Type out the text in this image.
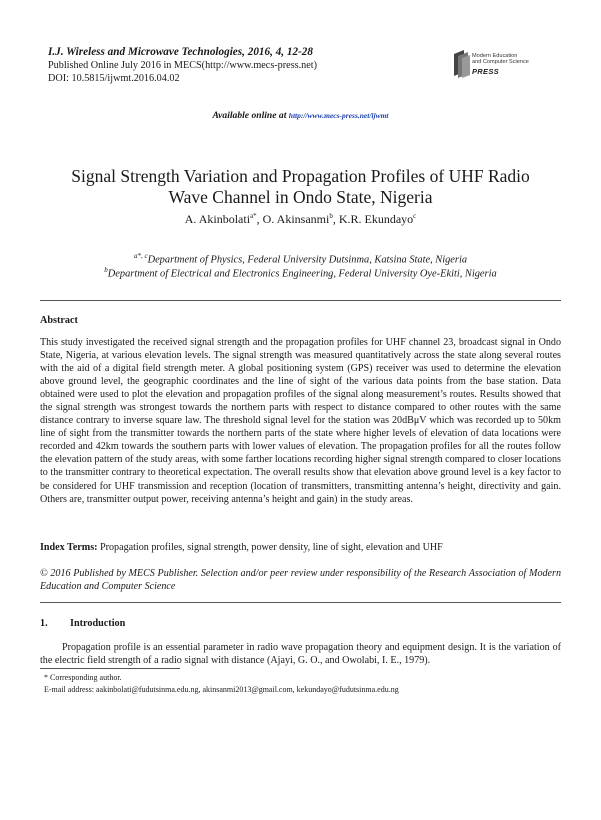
I.J. Wireless and Microwave Technologies, 2016, 4, 12-28
Published Online July 2016 in MECS(http://www.mecs-press.net)
DOI: 10.5815/ijwmt.2016.04.02
Modern Education
and Computer Science
PRESS
Available online at http://www.mecs-press.net/ijwmt
Signal Strength Variation and Propagation Profiles of UHF Radio
Wave Channel in Ondo State, Nigeria
A. Akinbolati$^{a*}$, O. Akinsanmi$^b$, K.R. Ekundayo$^c$
$^{a*, c}$Department of Physics, Federal University Dutsinma, Katsina State, Nigeria
$^b$Department of Electrical and Electronics Engineering, Federal University Oye-Ekiti, Nigeria
Abstract
This study investigated the received signal strength and the propagation profiles for UHF channel 23, broadcast signal in Ondo State, Nigeria, at various elevation levels. The signal strength was measured quantitatively across the state along several routes with the aid of a digital field strength meter. A global positioning system (GPS) receiver was used to determine the elevation above ground level, the geographic coordinates and the line of sight of the various data points from the base station. Data obtained were used to plot the elevation and propagation profiles of the signal along measurement’s routes. Results showed that the signal strength was strongest towards the northern parts with respect to distance compared to other routes with the same distance contrary to inverse square law. The threshold signal level for the station was 20dBμV which was recorded up to 50km line of sight from the transmitter towards the northern parts of the state where higher levels of elevation of data locations were recorded and 42km towards the southern parts with lower values of elevation. The propagation profiles for all the routes follow the elevation pattern of the study areas, with some farther locations recording higher signal strength compared to closer locations to the transmitter contrary to theoretical expectation. The overall results show that elevation above ground level is a key factor to be considered for UHF transmission and reception (location of transmitters, transmitting antenna’s height, directivity and gain. Others are, transmitter output power, receiving antenna’s height and gain) in the study areas.
Index Terms: Propagation profiles, signal strength, power density, line of sight, elevation and UHF
© 2016 Published by MECS Publisher. Selection and/or peer review under responsibility of the Research Association of Modern Education and Computer Science
1. Introduction
Propagation profile is an essential parameter in radio wave propagation theory and equipment design. It is the variation of the electric field strength of a radio signal with distance (Ajayi, G. O., and Owolabi, I. E., 1979).
* Corresponding author.
E-mail address: aakinbolati@fudutsinma.edu.ng, akinsanmi2013@gmail.com, kekundayo@fudutsinma.edu.ng
